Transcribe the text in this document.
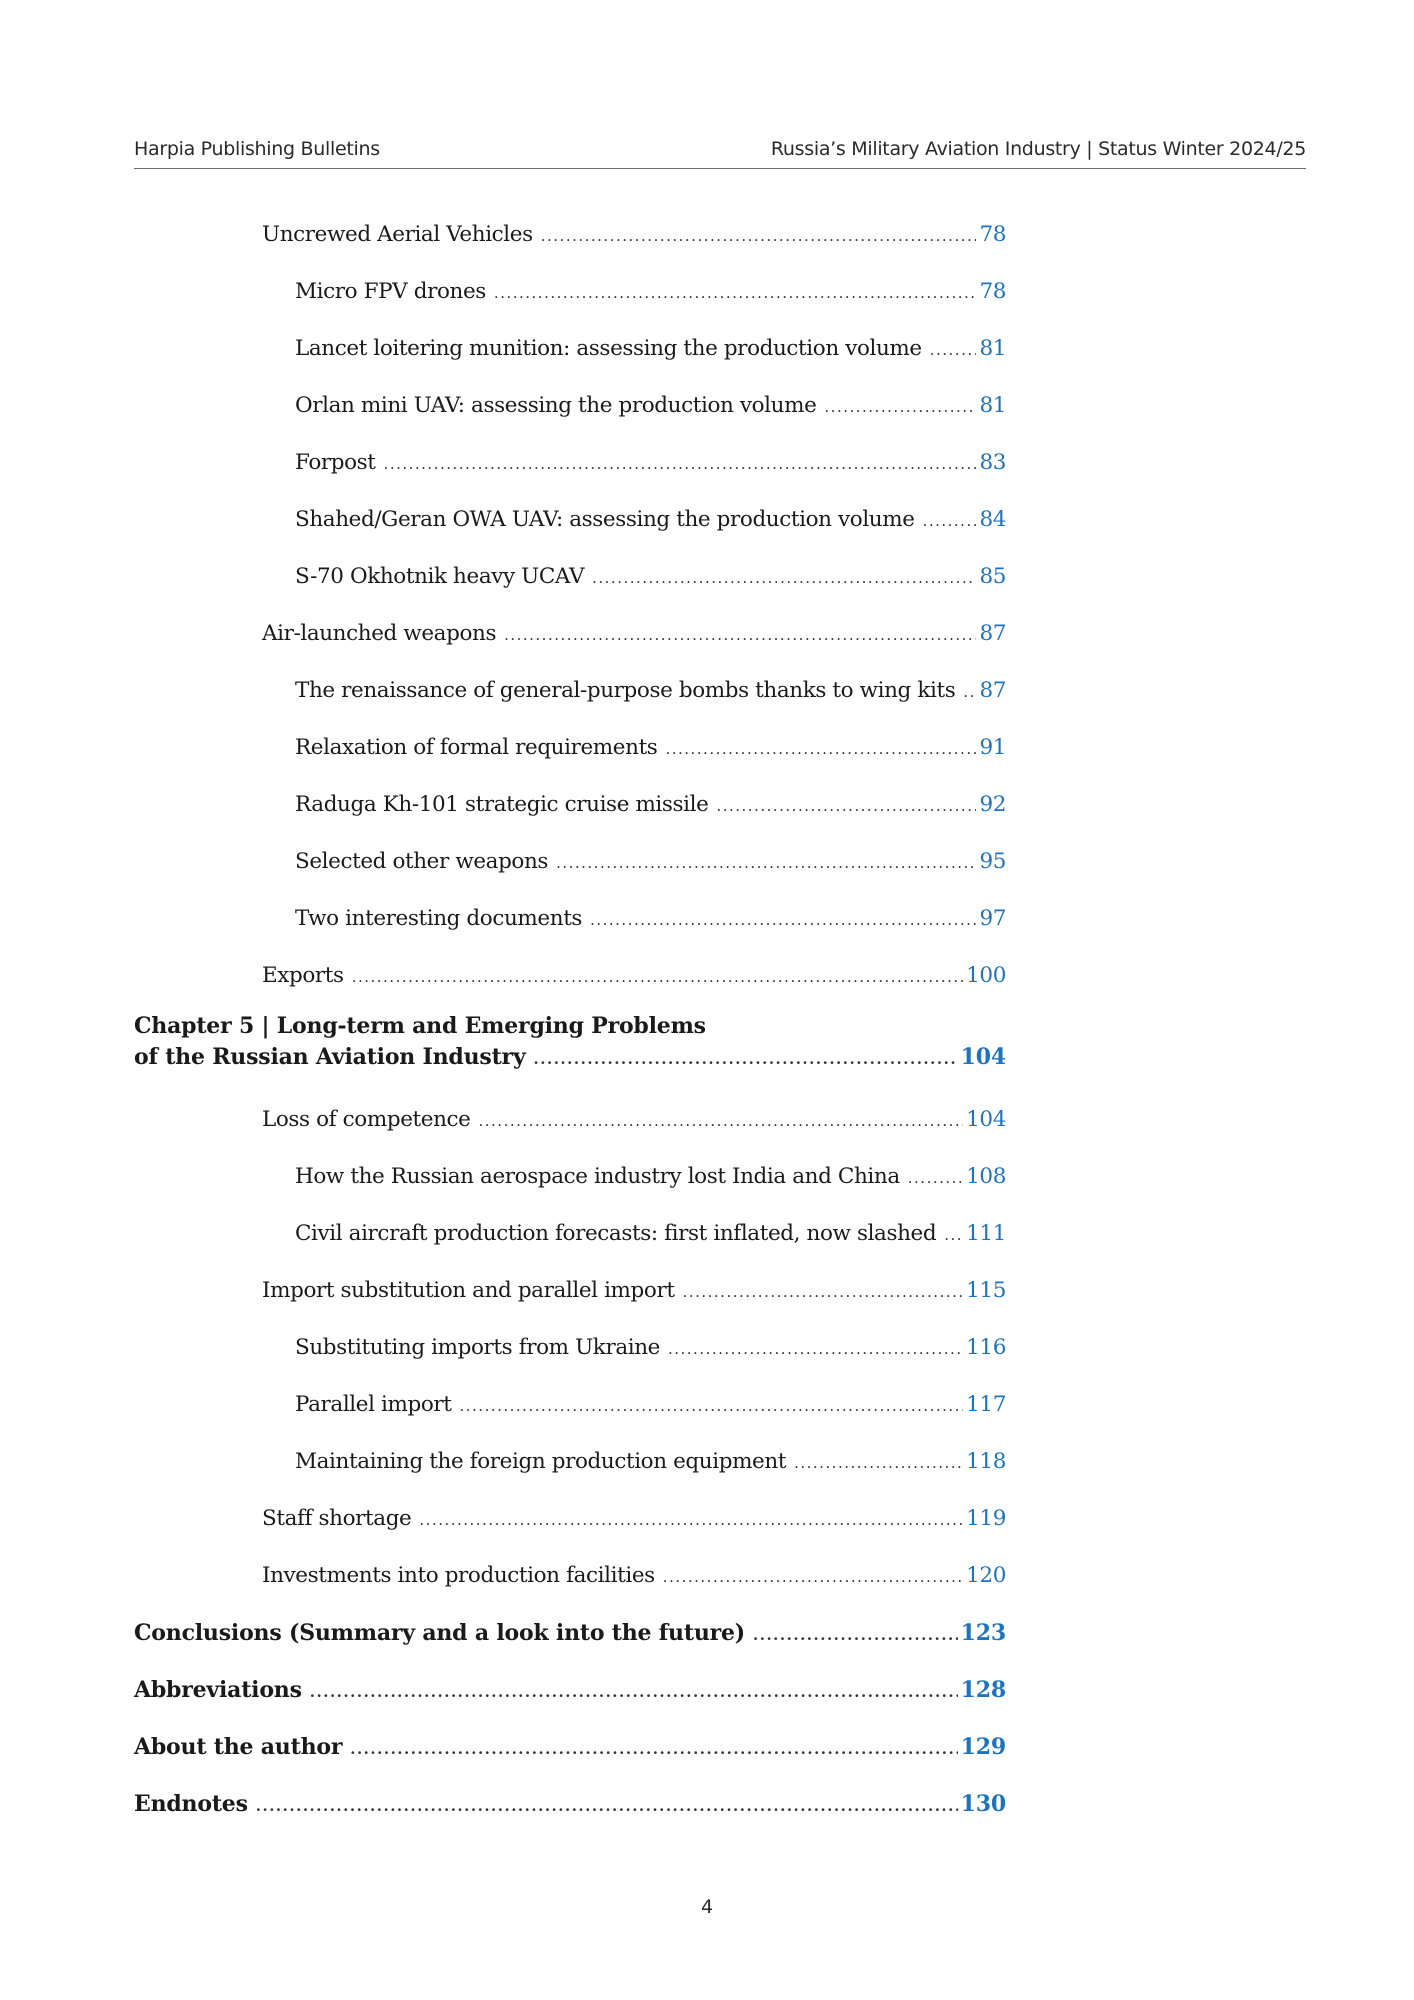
Harpia Publishing Bulletins	Russia’s Military Aviation Industry | Status Winter 2024/25
Uncrewed Aerial Vehicles .....	78
Micro FPV drones .....	78
Lancet loitering munition: assessing the production volume .....	81
Orlan mini UAV: assessing the production volume .....	81
Forpost .....	83
Shahed/Geran OWA UAV: assessing the production volume .....	84
S-70 Okhotnik heavy UCAV .....	85
Air-launched weapons .....	87
The renaissance of general-purpose bombs thanks to wing kits ..... 87
Relaxation of formal requirements .....	91
Raduga Kh-101 strategic cruise missile .....	92
Selected other weapons .....	95
Two interesting documents .....	97
Exports .....	100
Chapter 5 | Long-term and Emerging Problems
of the Russian Aviation Industry .....	104
Loss of competence .....	104
How the Russian aerospace industry lost India and China .....	108
Civil aircraft production forecasts: first inflated, now slashed ..... 111
Import substitution and parallel import .....	115
Substituting imports from Ukraine .....	116
Parallel import .....	117
Maintaining the foreign production equipment .....	118
Staff shortage .....	119
Investments into production facilities .....	120
Conclusions (Summary and a look into the future) .....	123
Abbreviations .....	128
About the author .....	129
Endnotes .....	130
4
